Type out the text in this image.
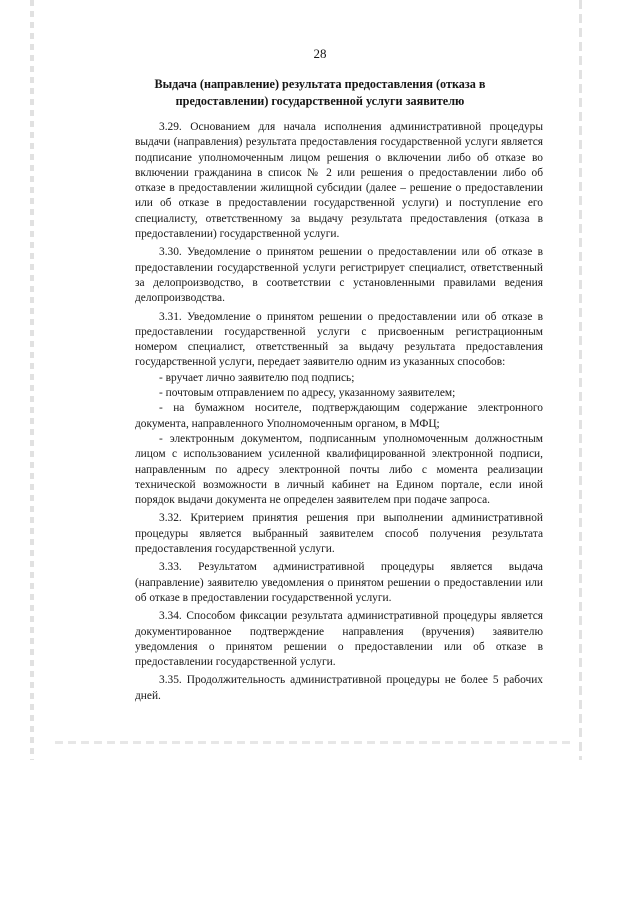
28
Выдача (направление) результата предоставления (отказа в предоставлении) государственной услуги заявителю

3.29. Основанием для начала исполнения административной процедуры выдачи (направления) результата предоставления государственной услуги является подписание уполномоченным лицом решения о включении либо об отказе во включении гражданина в список № 2 или решения о предоставлении либо об отказе в предоставлении жилищной субсидии (далее – решение о предоставлении или об отказе в предоставлении государственной услуги) и поступление его специалисту, ответственному за выдачу результата предоставления (отказа в предоставлении) государственной услуги.

3.30. Уведомление о принятом решении о предоставлении или об отказе в предоставлении государственной услуги регистрирует специалист, ответственный за делопроизводство, в соответствии с установленными правилами ведения делопроизводства.

3.31. Уведомление о принятом решении о предоставлении или об отказе в предоставлении государственной услуги с присвоенным регистрационным номером специалист, ответственный за выдачу результата предоставления государственной услуги, передает заявителю одним из указанных способов:

- вручает лично заявителю под подпись;

- почтовым отправлением по адресу, указанному заявителем;

- на бумажном носителе, подтверждающим содержание электронного документа, направленного Уполномоченным органом, в МФЦ;

- электронным документом, подписанным уполномоченным должностным лицом с использованием усиленной квалифицированной электронной подписи, направленным по адресу электронной почты либо с момента реализации технической возможности в личный кабинет на Едином портале, если иной порядок выдачи документа не определен заявителем при подаче запроса.

3.32. Критерием принятия решения при выполнении административной процедуры является выбранный заявителем способ получения результата предоставления государственной услуги.

3.33. Результатом административной процедуры является выдача (направление) заявителю уведомления о принятом решении о предоставлении или об отказе в предоставлении государственной услуги.

3.34. Способом фиксации результата административной процедуры является документированное подтверждение направления (вручения) заявителю уведомления о принятом решении о предоставлении или об отказе в предоставлении государственной услуги.

3.35. Продолжительность административной процедуры не более 5 рабочих дней.
